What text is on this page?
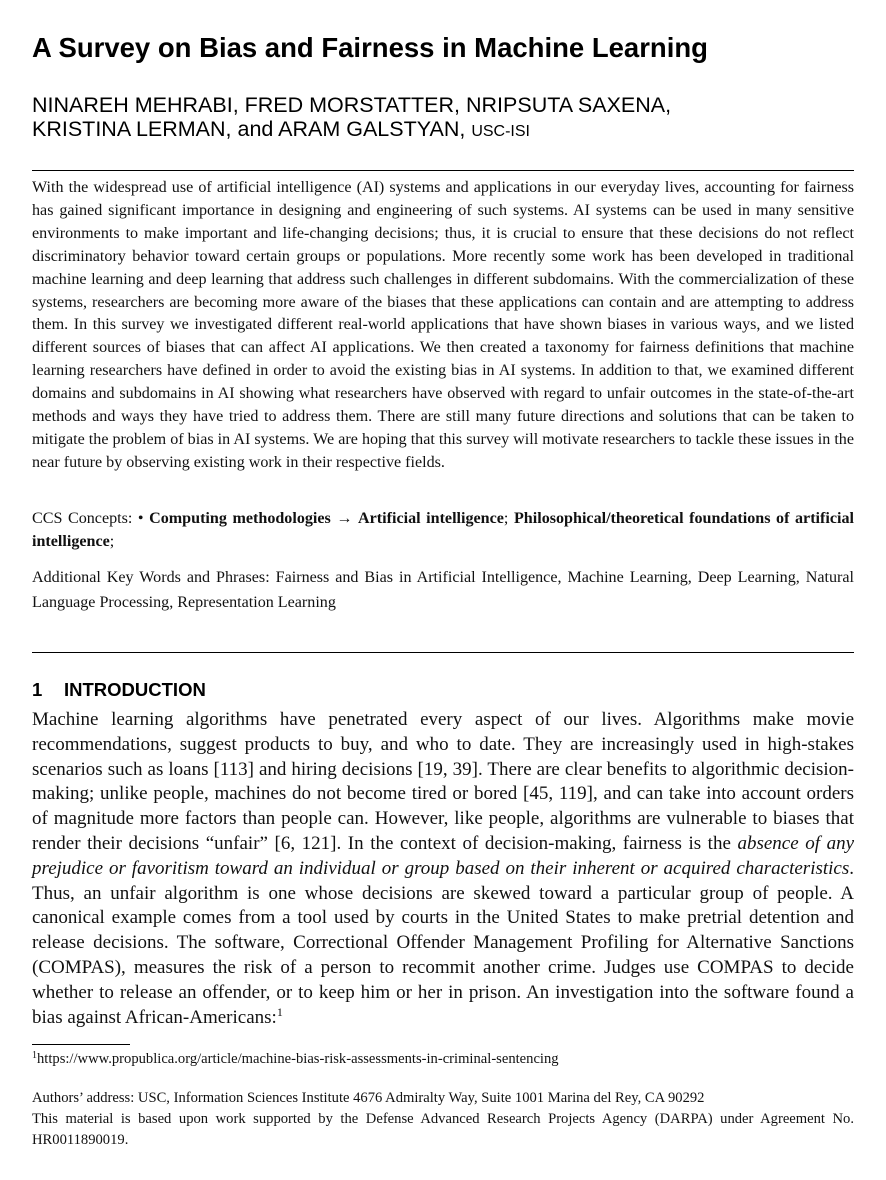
A Survey on Bias and Fairness in Machine Learning
NINAREH MEHRABI, FRED MORSTATTER, NRIPSUTA SAXENA,
KRISTINA LERMAN, and ARAM GALSTYAN, USC-ISI

With the widespread use of artificial intelligence (AI) systems and applications in our everyday lives, accounting for fairness has gained significant importance in designing and engineering of such systems. AI systems can be used in many sensitive environments to make important and life-changing decisions; thus, it is crucial to ensure that these decisions do not reflect discriminatory behavior toward certain groups or populations. More recently some work has been developed in traditional machine learning and deep learning that address such challenges in different subdomains. With the commercialization of these systems, researchers are becoming more aware of the biases that these applications can contain and are attempting to address them. In this survey we investigated different real-world applications that have shown biases in various ways, and we listed different sources of biases that can affect AI applications. We then created a taxonomy for fairness definitions that machine learning researchers have defined in order to avoid the existing bias in AI systems. In addition to that, we examined different domains and subdomains in AI showing what researchers have observed with regard to unfair outcomes in the state-of-the-art methods and ways they have tried to address them. There are still many future directions and solutions that can be taken to mitigate the problem of bias in AI systems. We are hoping that this survey will motivate researchers to tackle these issues in the near future by observing existing work in their respective fields.

CCS Concepts: • Computing methodologies → Artificial intelligence; Philosophical/theoretical foundations of artificial intelligence;

Additional Key Words and Phrases: Fairness and Bias in Artificial Intelligence, Machine Learning, Deep Learning, Natural Language Processing, Representation Learning

1 INTRODUCTION

Machine learning algorithms have penetrated every aspect of our lives. Algorithms make movie recommendations, suggest products to buy, and who to date. They are increasingly used in high-stakes scenarios such as loans [113] and hiring decisions [19, 39]. There are clear benefits to algorithmic decision-making; unlike people, machines do not become tired or bored [45, 119], and can take into account orders of magnitude more factors than people can. However, like people, algorithms are vulnerable to biases that render their decisions “unfair” [6, 121]. In the context of decision-making, fairness is the absence of any prejudice or favoritism toward an individual or group based on their inherent or acquired characteristics. Thus, an unfair algorithm is one whose decisions are skewed toward a particular group of people. A canonical example comes from a tool used by courts in the United States to make pretrial detention and release decisions. The software, Correctional Offender Management Profiling for Alternative Sanctions (COMPAS), measures the risk of a person to recommit another crime. Judges use COMPAS to decide whether to release an offender, or to keep him or her in prison. An investigation into the software found a bias against African-Americans:$^1$

$^1$https://www.propublica.org/article/machine-bias-risk-assessments-in-criminal-sentencing

Authors’ address: USC, Information Sciences Institute 4676 Admiralty Way, Suite 1001 Marina del Rey, CA 90292

This material is based upon work supported by the Defense Advanced Research Projects Agency (DARPA) under Agreement No. HR0011890019.
